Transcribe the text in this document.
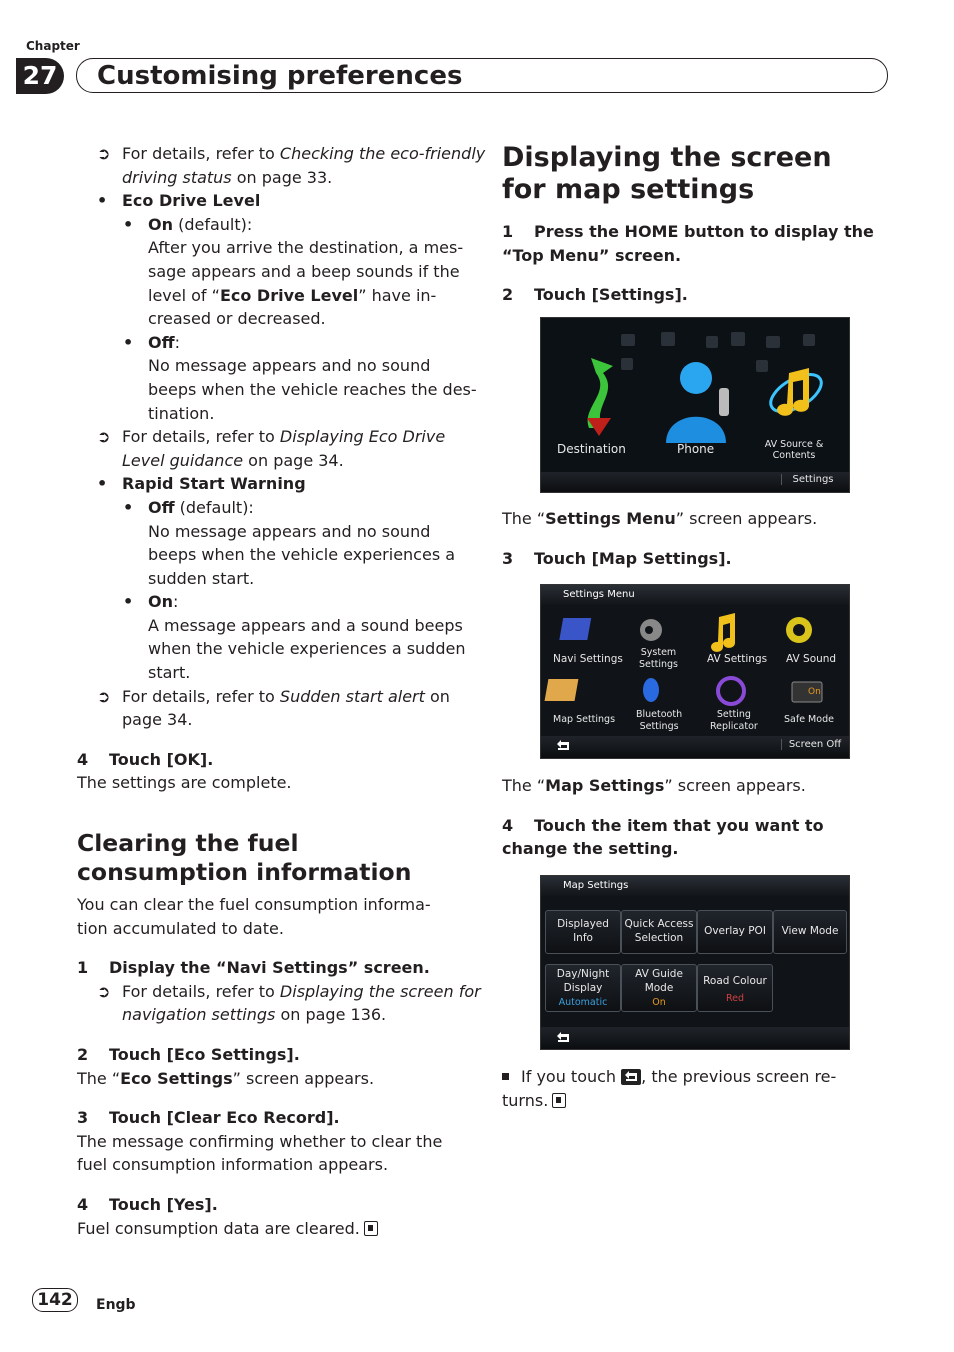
Chapter
27 Customising preferences
➲ For details, refer to Checking the eco-friendly
driving status on page 33.
• Eco Drive Level
• On (default):
After you arrive the destination, a mes-
sage appears and a beep sounds if the
level of “Eco Drive Level” have in-
creased or decreased.
• Off:
No message appears and no sound
beeps when the vehicle reaches the des-
tination.
➲ For details, refer to Displaying Eco Drive
Level guidance on page 34.
• Rapid Start Warning
• Off (default):
No message appears and no sound
beeps when the vehicle experiences a
sudden start.
• On:
A message appears and a sound beeps
when the vehicle experiences a sudden
start.
➲ For details, refer to Sudden start alert on
page 34.
4 Touch [OK].
The settings are complete.
Clearing the fuel consumption information
You can clear the fuel consumption informa-
tion accumulated to date.
1 Display the “Navi Settings” screen.
➲ For details, refer to Displaying the screen for
navigation settings on page 136.
2 Touch [Eco Settings].
The “Eco Settings” screen appears.
3 Touch [Clear Eco Record].
The message confirming whether to clear the
fuel consumption information appears.
4 Touch [Yes].
Fuel consumption data are cleared.
Displaying the screen for map settings
1 Press the HOME button to display the
“Top Menu” screen.
2 Touch [Settings].
Destination	Phone	AV Source &
Contents
Settings
The “Settings Menu” screen appears.
3 Touch [Map Settings].
Settings Menu
On
Navi Settings
System
Settings	AV Settings AV Sound
Map Settings Bluetooth
Settings
Setting
Replicator
Safe Mode
Screen Off
The “Map Settings” screen appears.
4 Touch the item that you want to
change the setting.
Map Settings
Displayed
Info
Quick Access
Selection
Overlay POI	View Mode
Day/Night
Display
Automatic
AV Guide
Mode
On
Road Colour
Red
If you touch
, the previous screen re-
turns.
142	Engb
